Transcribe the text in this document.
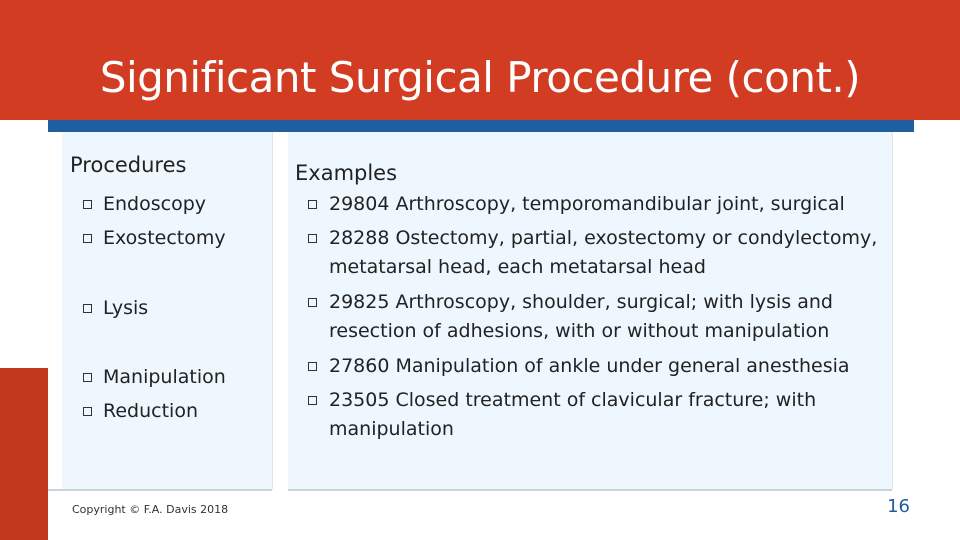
Significant Surgical Procedure (cont.)
Procedures
Endoscopy
Exostectomy
Lysis
Manipulation
Reduction
Examples
29804 Arthroscopy, temporomandibular joint, surgical
28288 Ostectomy, partial, exostectomy or condylectomy,
metatarsal head, each metatarsal head
29825 Arthroscopy, shoulder, surgical; with lysis and
resection of adhesions, with or without manipulation
27860 Manipulation of ankle under general anesthesia
23505 Closed treatment of clavicular fracture; with
manipulation
Copyright © F.A. Davis 2018	16
